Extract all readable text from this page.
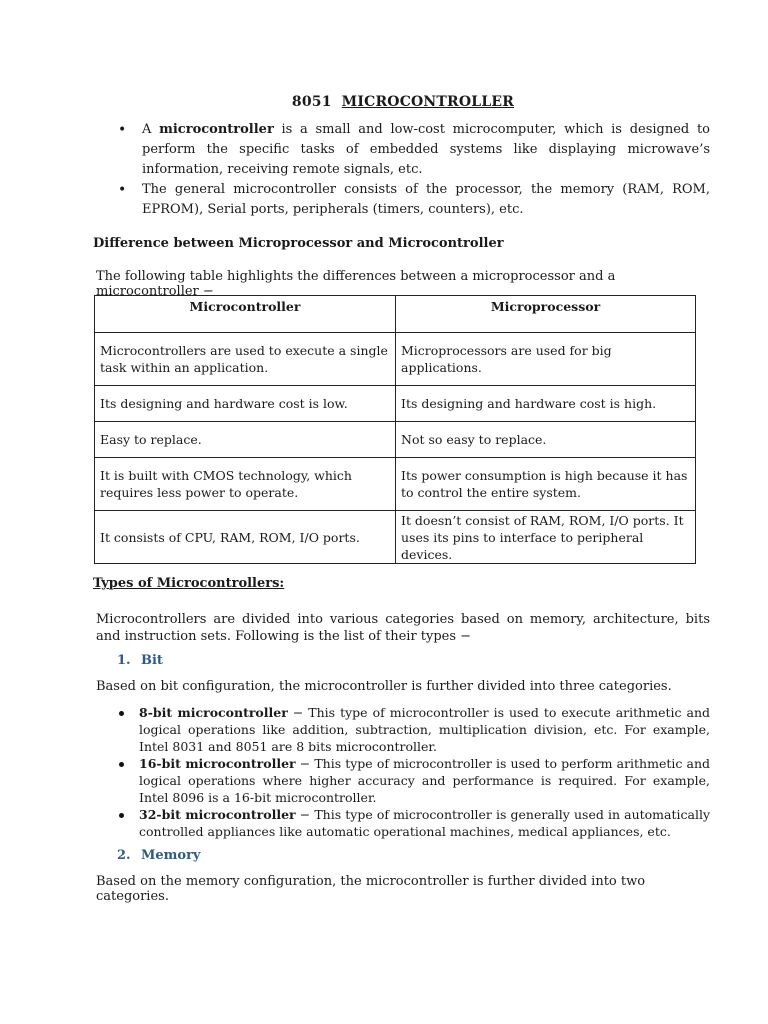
8051 MICROCONTROLLER
• A microcontroller is a small and low-cost microcomputer, which is designed to perform the specific tasks of embedded systems like displaying microwave’s information, receiving remote signals, etc.
• The general microcontroller consists of the processor, the memory (RAM, ROM, EPROM), Serial ports, peripherals (timers, counters), etc.
Difference between Microprocessor and Microcontroller
The following table highlights the differences between a microprocessor and a microcontroller −
Microcontroller	Microprocessor
Microcontrollers are used to execute a single task within an application.	Microprocessors are used for big applications.
Its designing and hardware cost is low.	Its designing and hardware cost is high.
Easy to replace.	Not so easy to replace.
It is built with CMOS technology, which requires less power to operate.	Its power consumption is high because it has to control the entire system.
It consists of CPU, RAM, ROM, I/O ports.	It doesn’t consist of RAM, ROM, I/O ports. It uses its pins to interface to peripheral devices.
Types of Microcontrollers:
Microcontrollers are divided into various categories based on memory, architecture, bits and instruction sets. Following is the list of their types −
1. Bit
Based on bit configuration, the microcontroller is further divided into three categories.
8-bit microcontroller − This type of microcontroller is used to execute arithmetic and logical operations like addition, subtraction, multiplication division, etc. For example, Intel 8031 and 8051 are 8 bits microcontroller.
16-bit microcontroller − This type of microcontroller is used to perform arithmetic and logical operations where higher accuracy and performance is required. For example, Intel 8096 is a 16-bit microcontroller.
32-bit microcontroller − This type of microcontroller is generally used in automatically controlled appliances like automatic operational machines, medical appliances, etc.
2. Memory
Based on the memory configuration, the microcontroller is further divided into two categories.
